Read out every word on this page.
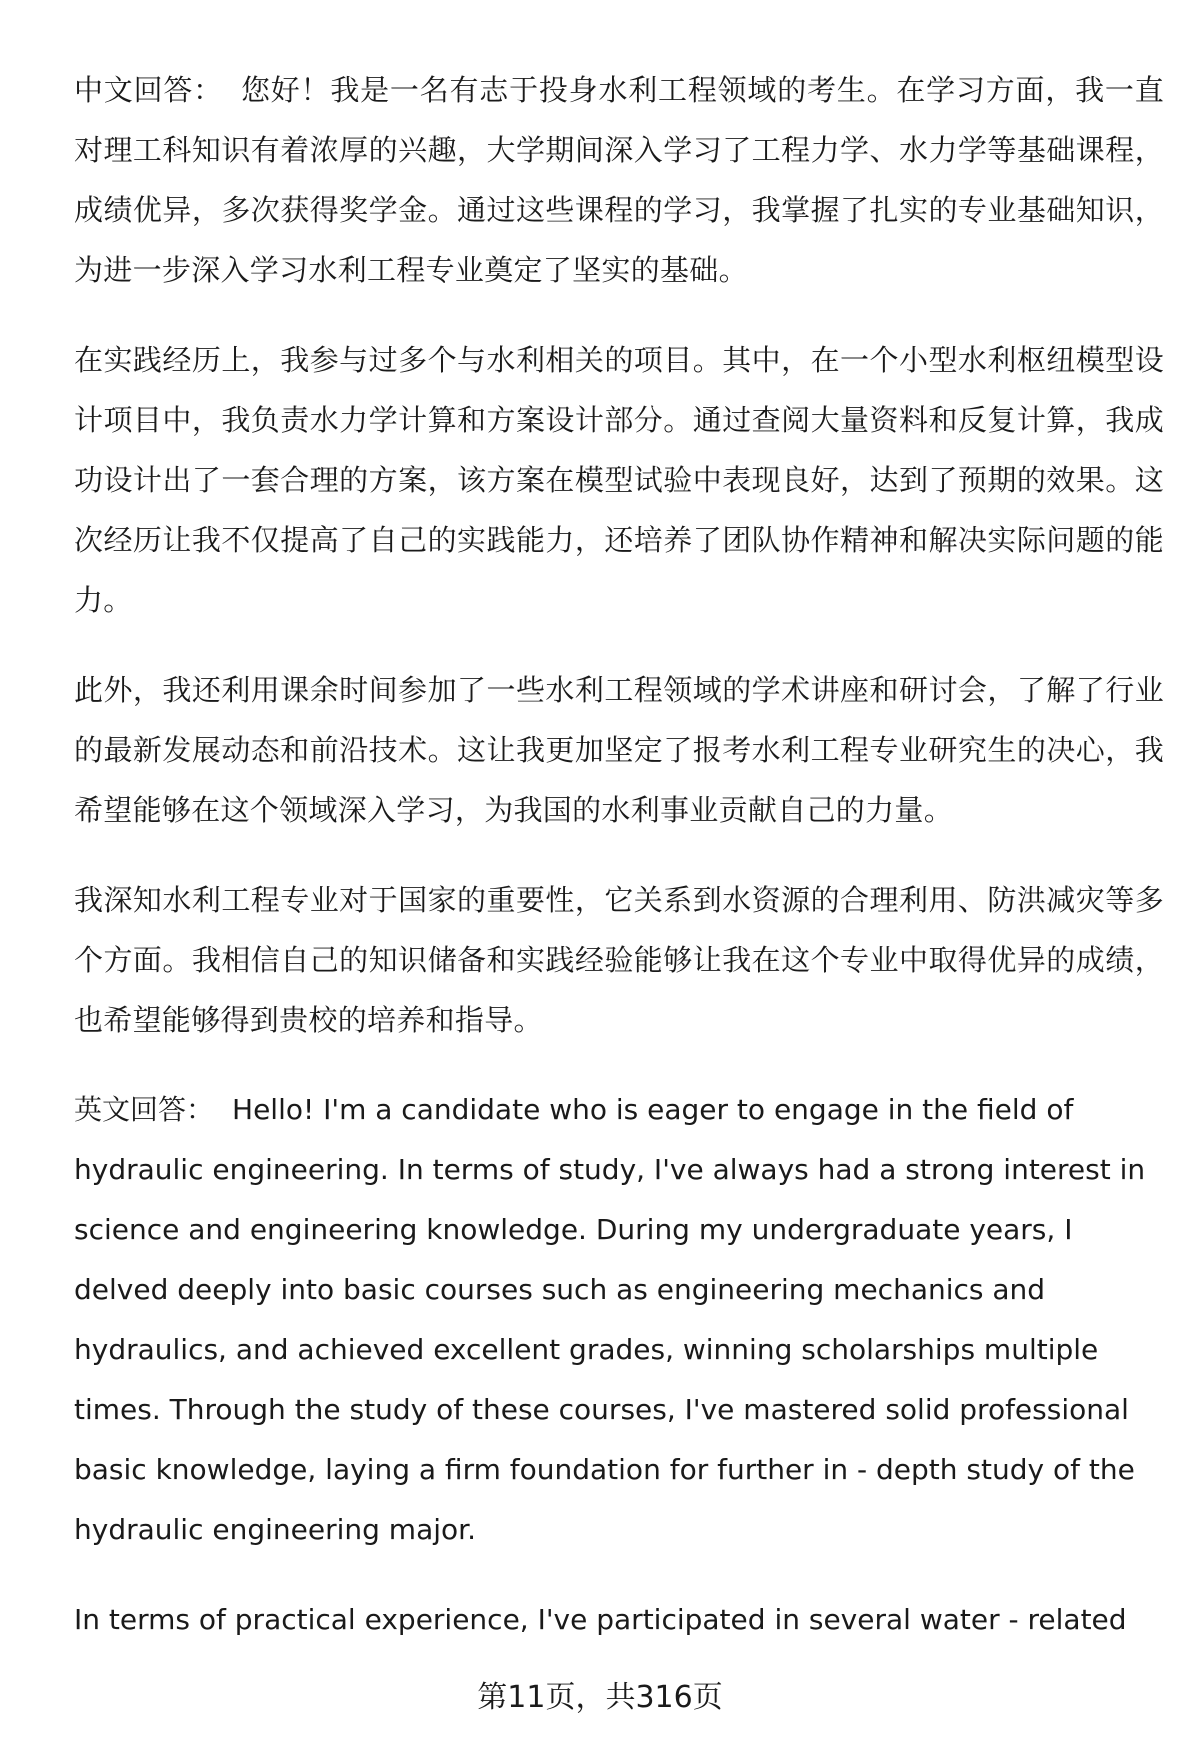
中文回答： 您好！我是一名有志于投身水利工程领域的考生。在学习方面，我一直对理工科知识有着浓厚的兴趣，大学期间深入学习了工程力学、水力学等基础课程，成绩优异，多次获得奖学金。通过这些课程的学习，我掌握了扎实的专业基础知识，为进一步深入学习水利工程专业奠定了坚实的基础。

在实践经历上，我参与过多个与水利相关的项目。其中，在一个小型水利枢纽模型设计项目中，我负责水力学计算和方案设计部分。通过查阅大量资料和反复计算，我成功设计出了一套合理的方案，该方案在模型试验中表现良好，达到了预期的效果。这次经历让我不仅提高了自己的实践能力，还培养了团队协作精神和解决实际问题的能力。

此外，我还利用课余时间参加了一些水利工程领域的学术讲座和研讨会，了解了行业的最新发展动态和前沿技术。这让我更加坚定了报考水利工程专业研究生的决心，我希望能够在这个领域深入学习，为我国的水利事业贡献自己的力量。

我深知水利工程专业对于国家的重要性，它关系到水资源的合理利用、防洪减灾等多个方面。我相信自己的知识储备和实践经验能够让我在这个专业中取得优异的成绩，也希望能够得到贵校的培养和指导。

英文回答： Hello! I'm a candidate who is eager to engage in the field of hydraulic engineering. In terms of study, I've always had a strong interest in science and engineering knowledge. During my undergraduate years, I delved deeply into basic courses such as engineering mechanics and hydraulics, and achieved excellent grades, winning scholarships multiple times. Through the study of these courses, I've mastered solid professional basic knowledge, laying a firm foundation for further in - depth study of the hydraulic engineering major.

In terms of practical experience, I've participated in several water - related

第11页，共316页
